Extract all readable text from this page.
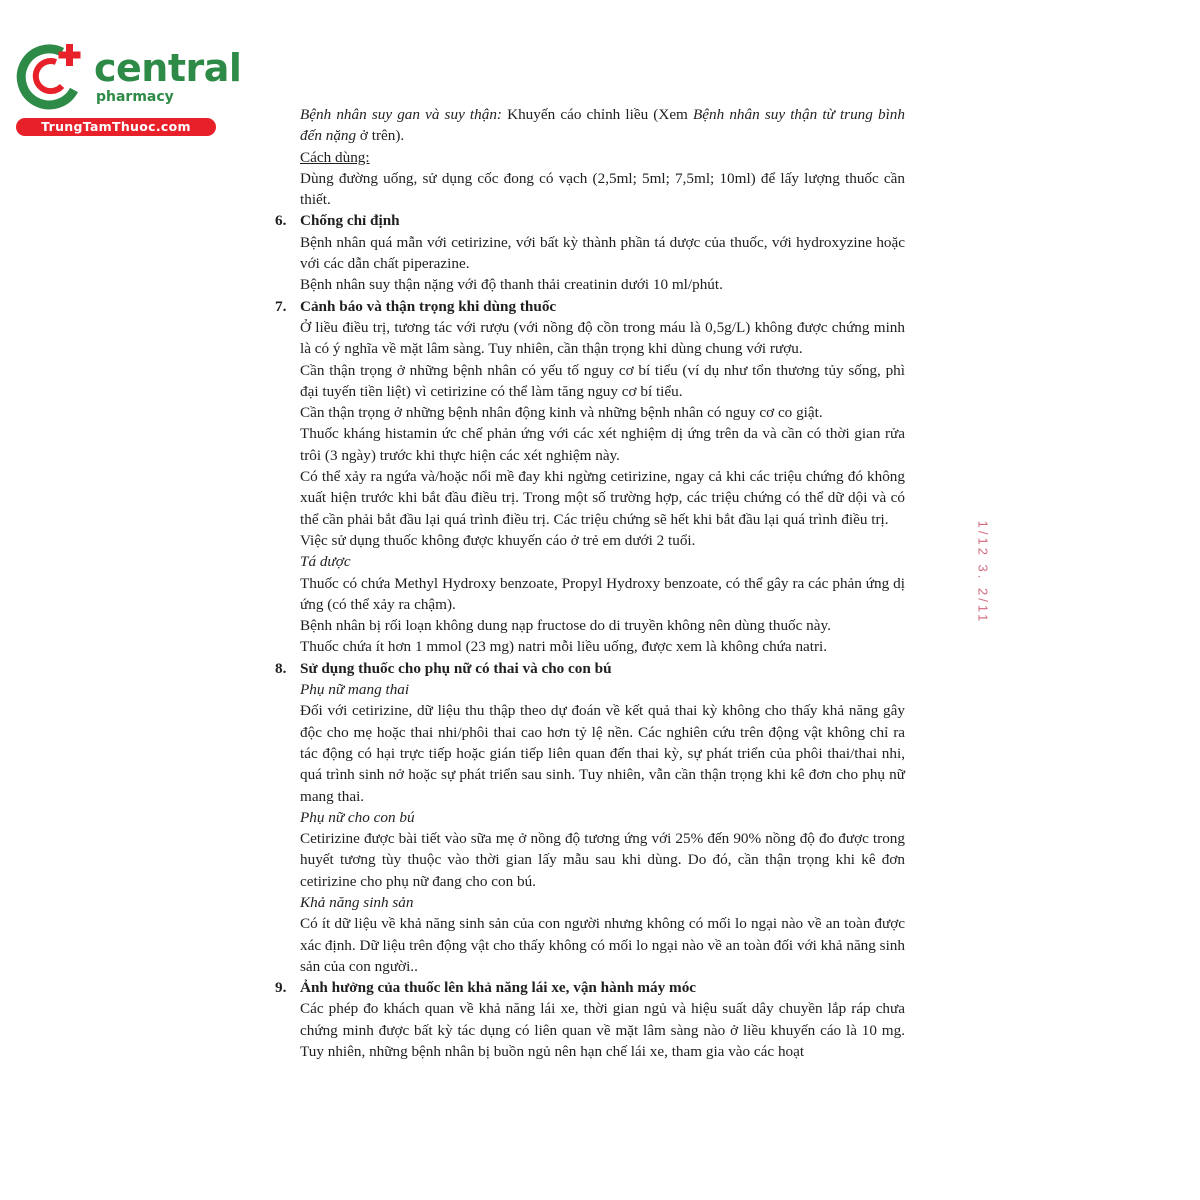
central
pharmacy
TrungTamThuoc.com
1/12 3. 2/11

Bệnh nhân suy gan và suy thận: Khuyến cáo chỉnh liều (Xem Bệnh nhân suy thận từ trung bình đến nặng ở trên).

Cách dùng:

Dùng đường uống, sử dụng cốc đong có vạch (2,5ml; 5ml; 7,5ml; 10ml) để lấy lượng thuốc cần thiết.

6. Chống chỉ định

Bệnh nhân quá mẫn với cetirizine, với bất kỳ thành phần tá dược của thuốc, với hydroxyzine hoặc với các dẫn chất piperazine.

Bệnh nhân suy thận nặng với độ thanh thải creatinin dưới 10 ml/phút.

7. Cảnh báo và thận trọng khi dùng thuốc

Ở liều điều trị, tương tác với rượu (với nồng độ cồn trong máu là 0,5g/L) không được chứng minh là có ý nghĩa về mặt lâm sàng. Tuy nhiên, cần thận trọng khi dùng chung với rượu.

Cần thận trọng ở những bệnh nhân có yếu tố nguy cơ bí tiểu (ví dụ như tổn thương tủy sống, phì đại tuyến tiền liệt) vì cetirizine có thể làm tăng nguy cơ bí tiểu.

Cần thận trọng ở những bệnh nhân động kinh và những bệnh nhân có nguy cơ co giật.

Thuốc kháng histamin ức chế phản ứng với các xét nghiệm dị ứng trên da và cần có thời gian rửa trôi (3 ngày) trước khi thực hiện các xét nghiệm này.

Có thể xảy ra ngứa và/hoặc nổi mề đay khi ngừng cetirizine, ngay cả khi các triệu chứng đó không xuất hiện trước khi bắt đầu điều trị. Trong một số trường hợp, các triệu chứng có thể dữ dội và có thể cần phải bắt đầu lại quá trình điều trị. Các triệu chứng sẽ hết khi bắt đầu lại quá trình điều trị.

Việc sử dụng thuốc không được khuyến cáo ở trẻ em dưới 2 tuổi.

Tá dược

Thuốc có chứa Methyl Hydroxy benzoate, Propyl Hydroxy benzoate, có thể gây ra các phản ứng dị ứng (có thể xảy ra chậm).

Bệnh nhân bị rối loạn không dung nạp fructose do di truyền không nên dùng thuốc này.

Thuốc chứa ít hơn 1 mmol (23 mg) natri mỗi liều uống, được xem là không chứa natri.

8. Sử dụng thuốc cho phụ nữ có thai và cho con bú

Phụ nữ mang thai

Đối với cetirizine, dữ liệu thu thập theo dự đoán về kết quả thai kỳ không cho thấy khả năng gây độc cho mẹ hoặc thai nhi/phôi thai cao hơn tỷ lệ nền. Các nghiên cứu trên động vật không chỉ ra tác động có hại trực tiếp hoặc gián tiếp liên quan đến thai kỳ, sự phát triển của phôi thai/thai nhi, quá trình sinh nở hoặc sự phát triển sau sinh. Tuy nhiên, vẫn cần thận trọng khi kê đơn cho phụ nữ mang thai.

Phụ nữ cho con bú

Cetirizine được bài tiết vào sữa mẹ ở nồng độ tương ứng với 25% đến 90% nồng độ đo được trong huyết tương tùy thuộc vào thời gian lấy mẫu sau khi dùng. Do đó, cần thận trọng khi kê đơn cetirizine cho phụ nữ đang cho con bú.

Khả năng sinh sản

Có ít dữ liệu về khả năng sinh sản của con người nhưng không có mối lo ngại nào về an toàn được xác định. Dữ liệu trên động vật cho thấy không có mối lo ngại nào về an toàn đối với khả năng sinh sản của con người..

9. Ảnh hưởng của thuốc lên khả năng lái xe, vận hành máy móc

Các phép đo khách quan về khả năng lái xe, thời gian ngủ và hiệu suất dây chuyền lắp ráp chưa chứng minh được bất kỳ tác dụng có liên quan về mặt lâm sàng nào ở liều khuyến cáo là 10 mg. Tuy nhiên, những bệnh nhân bị buồn ngủ nên hạn chế lái xe, tham gia vào các hoạt
